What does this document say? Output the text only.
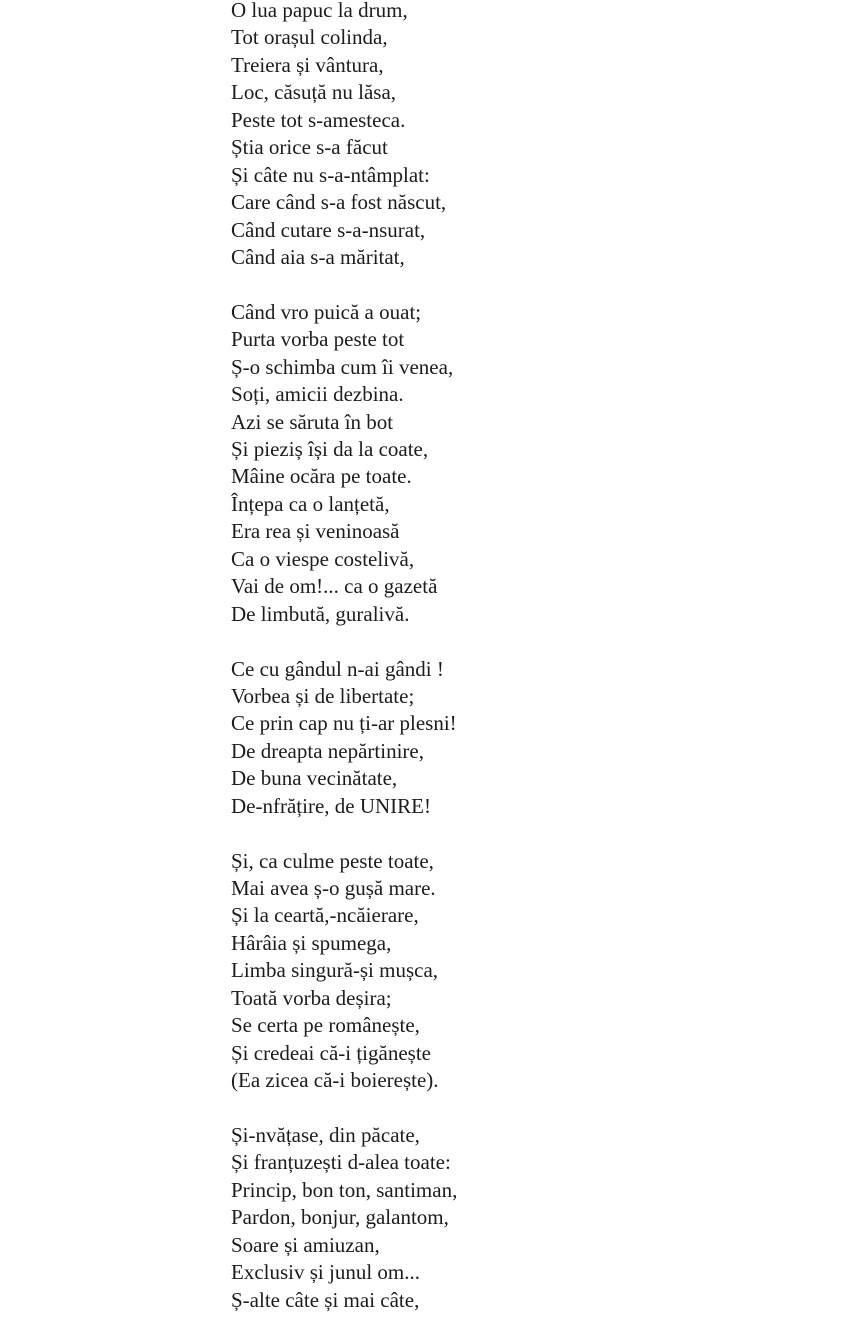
O lua papuc la drum,
Tot orașul colinda,
Treiera și vântura,
Loc, căsuță nu lăsa,
Peste tot s-amesteca.
Știa orice s-a făcut
Și câte nu s-a-ntâmplat:
Care când s-a fost născut,
Când cutare s-a-nsurat,
Când aia s-a măritat,
Când vro puică a ouat;
Purta vorba peste tot
Ș-o schimba cum îi venea,
Soți, amicii dezbina.
Azi se săruta în bot
Și pieziș își da la coate,
Mâine ocăra pe toate.
Înțepa ca o lanțetă,
Era rea și veninoasă
Ca o viespe costelivă,
Vai de om!... ca o gazetă
De limbută, guralivă.
Ce cu gândul n-ai gândi !
Vorbea și de libertate;
Ce prin cap nu ți-ar plesni!
De dreapta nepărtinire,
De buna vecinătate,
De-nfrățire, de UNIRE!
Și, ca culme peste toate,
Mai avea ș-o gușă mare.
Și la ceartă,-ncăierare,
Hârâia și spumega,
Limba singură-și mușca,
Toată vorba deșira;
Se certa pe românește,
Și credeai că-i țigănește
(Ea zicea că-i boierește).
Și-nvățase, din păcate,
Și franțuzești d-alea toate:
Princip, bon ton, santiman,
Pardon, bonjur, galantom,
Soare și amiuzan,
Exclusiv și junul om...
Ș-alte câte și mai câte,
